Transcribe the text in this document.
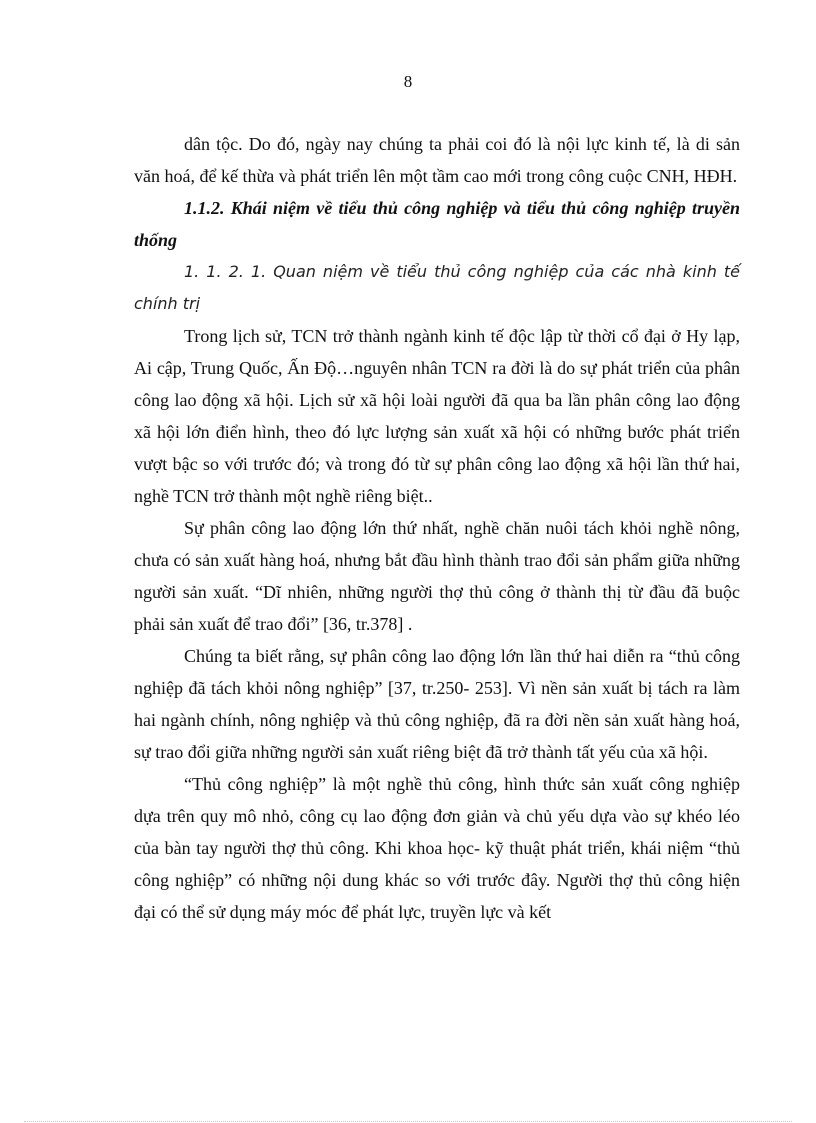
8

dân tộc. Do đó, ngày nay chúng ta phải coi đó là nội lực kinh tế, là di sản văn hoá, để kế thừa và phát triển lên một tầm cao mới trong công cuộc CNH, HĐH.

1.1.2. Khái niệm về tiểu thủ công nghiệp và tiểu thủ công nghiệp truyền thống

1. 1. 2. 1. Quan niệm về tiểu thủ công nghiệp của các nhà kinh tế chính trị

Trong lịch sử, TCN trở thành ngành kinh tế độc lập từ thời cổ đại ở Hy lạp, Ai cập, Trung Quốc, Ấn Độ…nguyên nhân TCN ra đời là do sự phát triển của phân công lao động xã hội. Lịch sử xã hội loài người đã qua ba lần phân công lao động xã hội lớn điển hình, theo đó lực lượng sản xuất xã hội có những bước phát triển vượt bậc so với trước đó; và trong đó từ sự phân công lao động xã hội lần thứ hai, nghề TCN trở thành một nghề riêng biệt..

Sự phân công lao động lớn thứ nhất, nghề chăn nuôi tách khỏi nghề nông, chưa có sản xuất hàng hoá, nhưng bắt đầu hình thành trao đổi sản phẩm giữa những người sản xuất. “Dĩ nhiên, những người thợ thủ công ở thành thị từ đầu đã buộc phải sản xuất để trao đổi” [36, tr.378] .

Chúng ta biết rằng, sự phân công lao động lớn lần thứ hai diễn ra “thủ công nghiệp đã tách khỏi nông nghiệp” [37, tr.250- 253]. Vì nền sản xuất bị tách ra làm hai ngành chính, nông nghiệp và thủ công nghiệp, đã ra đời nền sản xuất hàng hoá, sự trao đổi giữa những người sản xuất riêng biệt đã trở thành tất yếu của xã hội.

“Thủ công nghiệp” là một nghề thủ công, hình thức sản xuất công nghiệp dựa trên quy mô nhỏ, công cụ lao động đơn giản và chủ yếu dựa vào sự khéo léo của bàn tay người thợ thủ công. Khi khoa học- kỹ thuật phát triển, khái niệm “thủ công nghiệp” có những nội dung khác so với trước đây. Người thợ thủ công hiện đại có thể sử dụng máy móc để phát lực, truyền lực và kết
